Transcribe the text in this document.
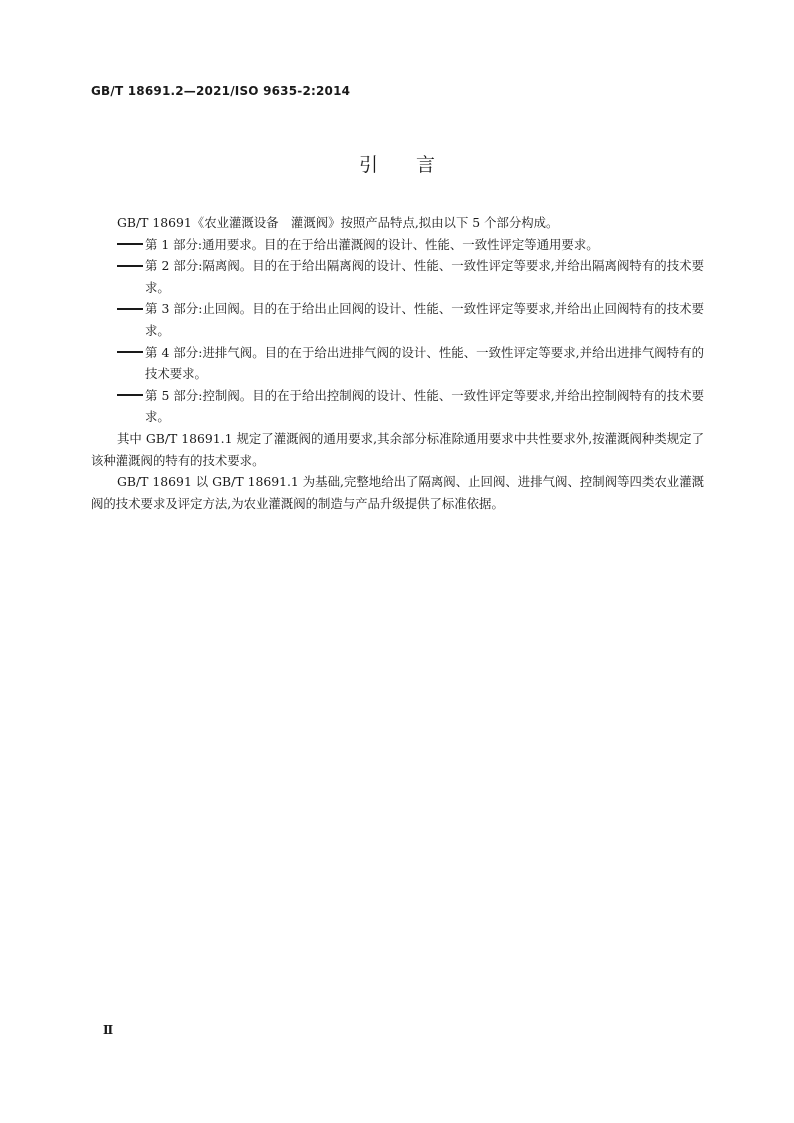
GB/T 18691.2—2021/ISO 9635-2:2014
引言

GB/T 18691《农业灌溉设备　灌溉阀》按照产品特点,拟由以下 5 个部分构成。

第 1 部分:通用要求。目的在于给出灌溉阀的设计、性能、一致性评定等通用要求。

第 2 部分:隔离阀。目的在于给出隔离阀的设计、性能、一致性评定等要求,并给出隔离阀特有的技术要求。

第 3 部分:止回阀。目的在于给出止回阀的设计、性能、一致性评定等要求,并给出止回阀特有的技术要求。

第 4 部分:进排气阀。目的在于给出进排气阀的设计、性能、一致性评定等要求,并给出进排气阀特有的技术要求。

第 5 部分:控制阀。目的在于给出控制阀的设计、性能、一致性评定等要求,并给出控制阀特有的技术要求。

其中 GB/T 18691.1 规定了灌溉阀的通用要求,其余部分标准除通用要求中共性要求外,按灌溉阀种类规定了该种灌溉阀的特有的技术要求。

GB/T 18691 以 GB/T 18691.1 为基础,完整地给出了隔离阀、止回阀、进排气阀、控制阀等四类农业灌溉阀的技术要求及评定方法,为农业灌溉阀的制造与产品升级提供了标准依据。

Ⅱ
